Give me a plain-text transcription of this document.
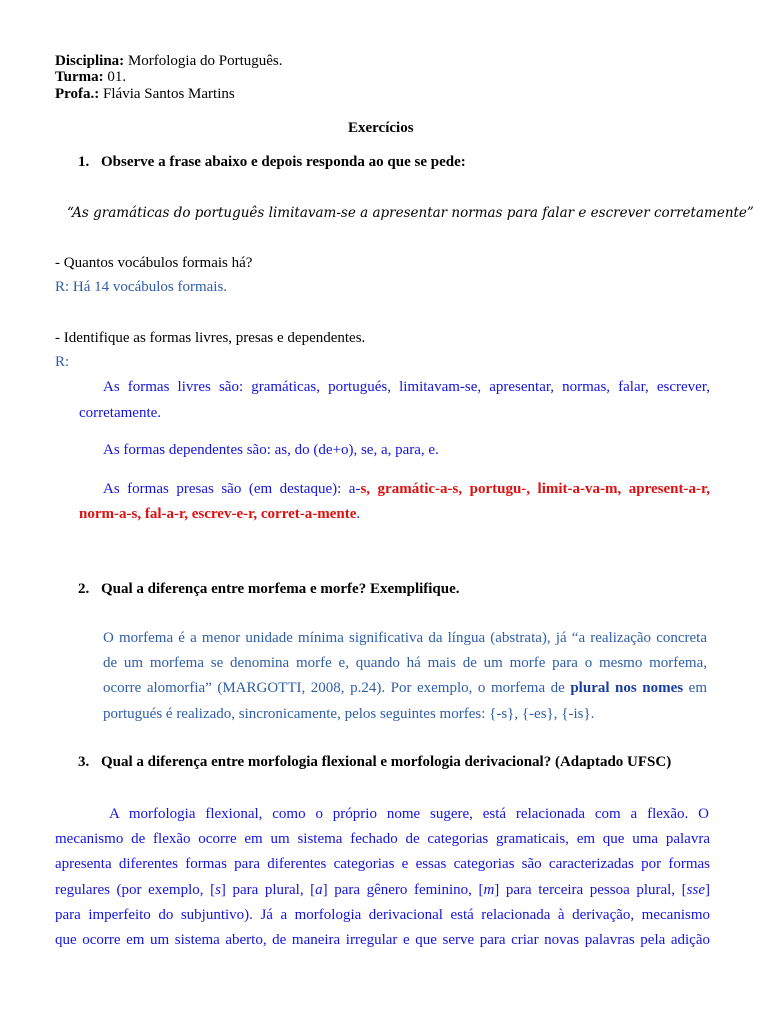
Disciplina: Morfologia do Português.
Turma: 01.
Profa.: Flávia Santos Martins
Exercícios
1. Observe a frase abaixo e depois responda ao que se pede:
“As gramáticas do português limitavam-se a apresentar normas para falar e escrever corretamente”
- Quantos vocábulos formais há?
R: Há 14 vocábulos formais.
- Identifique as formas livres, presas e dependentes.
R:
As formas livres são: gramáticas, portugués, limitavam-se, apresentar, normas, falar, escrever,
corretamente.
As formas dependentes são: as, do (de+o), se, a, para, e.
As formas presas são (em destaque): a-s, gramátic-a-s, portugu-, limit-a-va-m, apresent-a-r,
norm-a-s, fal-a-r, escrev-e-r, corret-a-mente.
2. Qual a diferença entre morfema e morfe? Exemplifique.
O morfema é a menor unidade mínima significativa da língua (abstrata), já “a realização concreta
de um morfema se denomina morfe e, quando há mais de um morfe para o mesmo morfema,
ocorre alomorfia” (MARGOTTI, 2008, p.24). Por exemplo, o morfema de plural nos nomes em
portugués é realizado, sincronicamente, pelos seguintes morfes: {-s}, {-es}, {-is}.
3. Qual a diferença entre morfologia flexional e morfologia derivacional? (Adaptado UFSC)
A morfologia flexional, como o próprio nome sugere, está relacionada com a flexão. O
mecanismo de flexão ocorre em um sistema fechado de categorias gramaticais, em que uma palavra
apresenta diferentes formas para diferentes categorias e essas categorias são caracterizadas por formas
regulares (por exemplo, [s] para plural, [a] para gênero feminino, [m] para terceira pessoa plural, [sse]
para imperfeito do subjuntivo). Já a morfologia derivacional está relacionada à derivação, mecanismo
que ocorre em um sistema aberto, de maneira irregular e que serve para criar novas palavras pela adição
